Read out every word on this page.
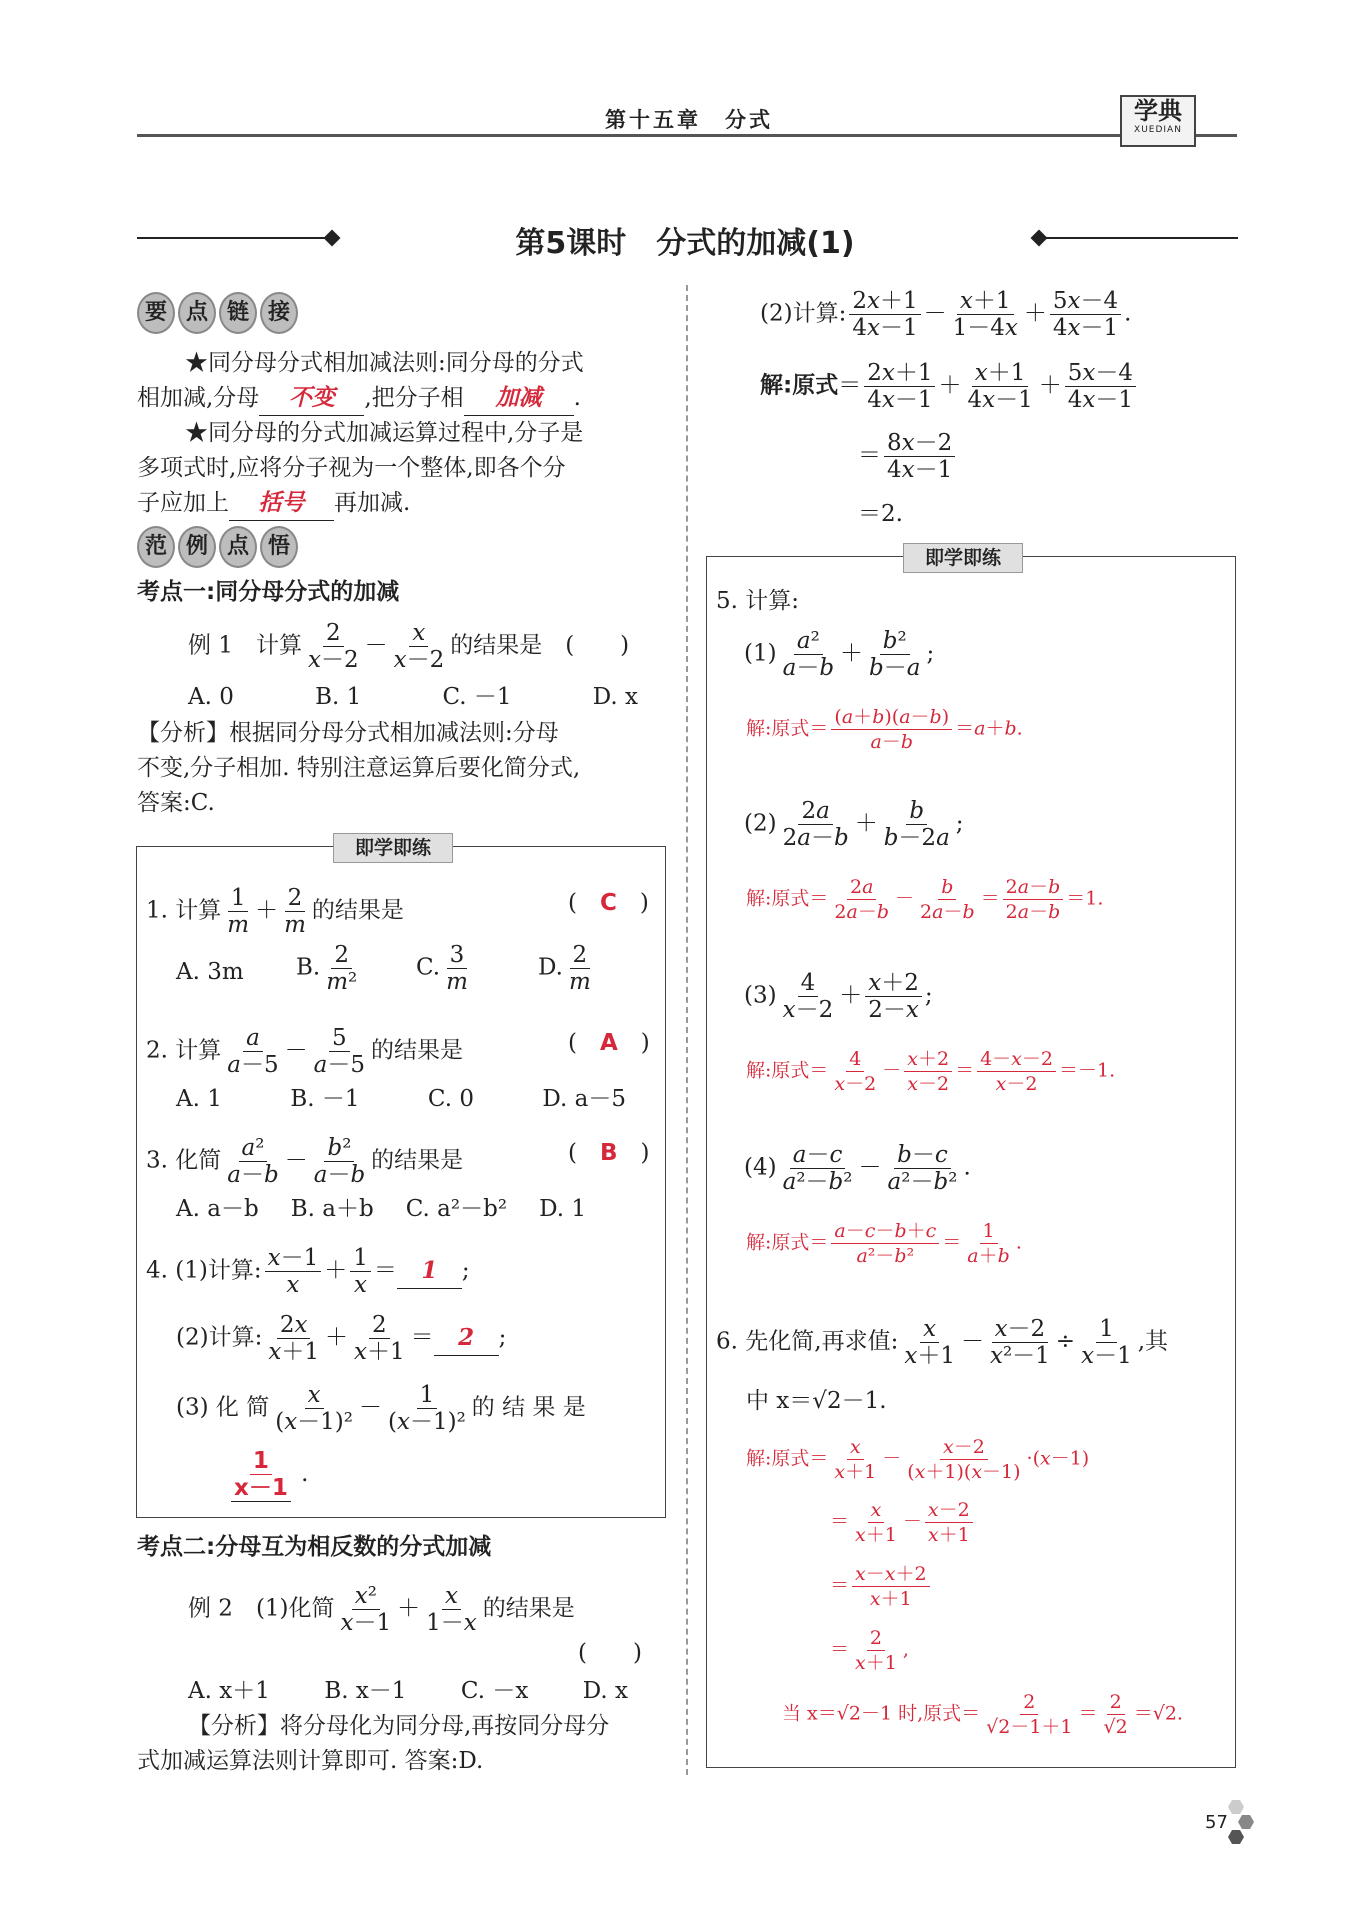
第十五章　分式	学典
XUEDIAN
第5课时　分式的加减(1)
要 点 链 接
★同分母分式相加减法则:同分母的分式
相加减,分母 不变 ,把分子相 加减 .
★同分母的分式加减运算过程中,分子是
多项式时,应将分子视为一个整体,即各个分
子应加上 括号 再加减.
范 例 点 悟
考点一:同分母分式的加减
例 1　计算 $\frac{2}{x-2} - \frac{x}{x-2}$ 的结果是　(　　)
A. 0	B. 1	C. －1	D. x
【分析】根据同分母分式相加减法则:分母
不变,分子相加. 特别注意运算后要化简分式,
答案:C.
即学即练
1. 计算 $\frac{1}{m} + \frac{2}{m}$ 的结果是	(　C　)
A. 3m B. $\frac{2}{\text{m²}} C$. $\frac{3}{m}$	D. $\frac{2}{m}$
2. 计算 $\frac{a}{a-5} - \frac{5}{a-5}$ 的结果是	(　A　)
A. 1	B. －1	C. 0	D. a－5
3. 化简 $\frac{\text{a²}}{a-b} - \frac{\text{b²}}{a-b}$ 的结果是	(　B　)
A. a－b B. a＋b C. a²－b² D. 1
4. (1)计算: $\frac{x-1}{x} + \frac{1}{x} = 1$ ;
(2)计算: $\frac{2x}{x+1} + \frac{2}{x+1} = 2$ ;
(3) 化 简 $\frac{x}{\text{(x－1)²}} - \frac{1}{\text{(x－1)²}}$ 的 结 果 是
$\frac{1}{x-1}$ .
考点二:分母互为相反数的分式加减
例 2　(1)化简 $\frac{\text{x²}}{x-1} + \frac{x}{1-x}$ 的结果是
(　　)
A. x＋1 B. x－1 C. －x D. x
【分析】将分母化为同分母,再按同分母分
式加减运算法则计算即可. 答案:D.
(2)计算: $\frac{2x+1}{4x-1} - \frac{x+1}{1-4x} + \frac{5x-4}{4x-1}$ .
解:原式＝ $\frac{2x+1}{4x-1} + \frac{x+1}{4x-1} + \frac{5x-4}{4x-1}$
＝ $\frac{8x-2}{4x-1}$
＝2.
即学即练
5. 计算:
$(1) \frac{\text{a²}}{a-b} + \frac{\text{b²}}{b-a}$ ;
解:原式＝ $\frac{(a+b)(a-b)}{a-b} =a+b$.
$(2) \frac{2a}{2a-b} + \frac{b}{b-2a}$ ;
解:原式＝ $\frac{2a}{2a-b} - \frac{b}{2a-b} = \frac{2a-b}{2a-b} =1$.
$(3) \frac{4}{x-2} + \frac{x+2}{2-x}$ ;
解:原式＝ $\frac{4}{x-2} - \frac{x+2}{x-2} = \frac{4-x-2}{x-2} =-1$.
$(4) \frac{a-c}{\text{a²－b²}} - \frac{b-c}{\text{a²－b²}}$ .
解:原式＝ $\frac{a-c-b+c}{\text{a²－b²}} = \frac{1}{a+b}$ .
6. 先化简,再求值: $\frac{x}{x+1} - \frac{x-2}{\text{x²－1}} \div \frac{1}{x-1}$ ,其
中 x＝√2－1.
解:原式＝ $\frac{x}{x+1} - \frac{x-2}{(x+1)(x-1)} \cdot(x-1)$
＝ $\frac{x}{x+1} - \frac{x-2}{x+1}$
＝ $\frac{x-x+2}{x+1}$
＝ $\frac{2}{x+1}$ ,
当 x＝√2－1 时,原式＝ $\frac{2}{√2-1+1} = \frac{2}{√2} =√2$.
57
